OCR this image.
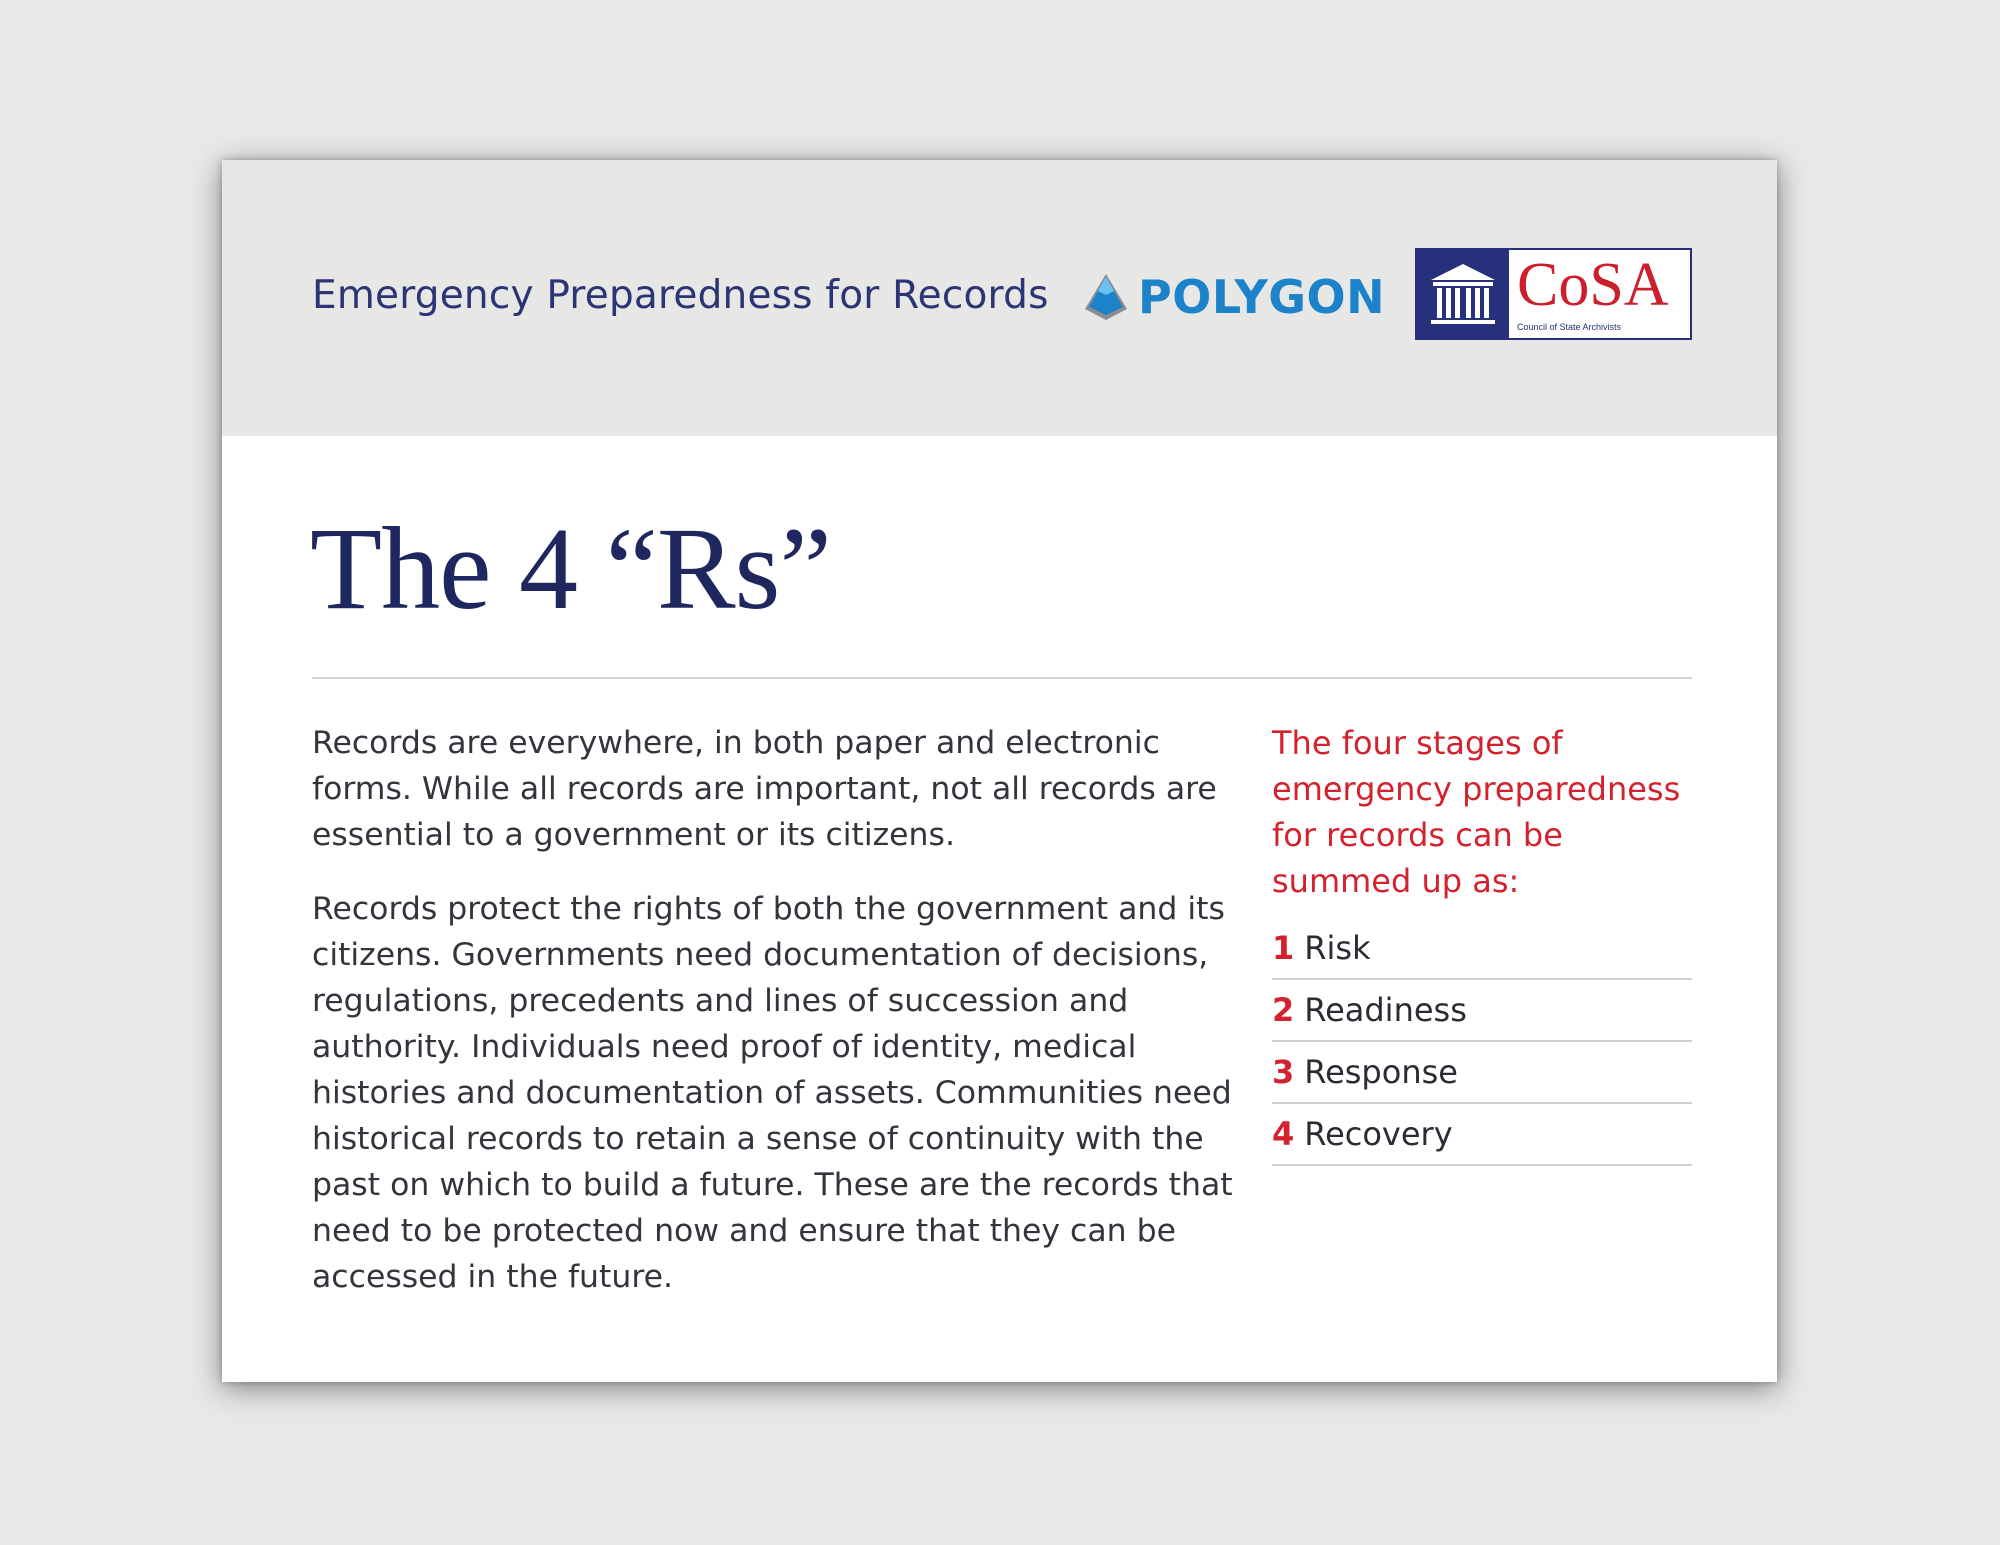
Emergency Preparedness for Records POLYGON CoSA
Council of State Archivists
The 4 “Rs”

Records are everywhere, in both paper and electronic forms. While all records are important, not all records are essential to a government or its citizens.

Records protect the rights of both the government and its citizens. Governments need documentation of decisions, regulations, precedents and lines of succession and authority. Individuals need proof of identity, medical histories and documentation of assets. Communities need historical records to retain a sense of continuity with the past on which to build a future. These are the records that need to be protected now and ensure that they can be accessed in the future.

The four stages of emergency preparedness for records can be summed up as:

1 Risk
2 Readiness
3 Response
4 Recovery
